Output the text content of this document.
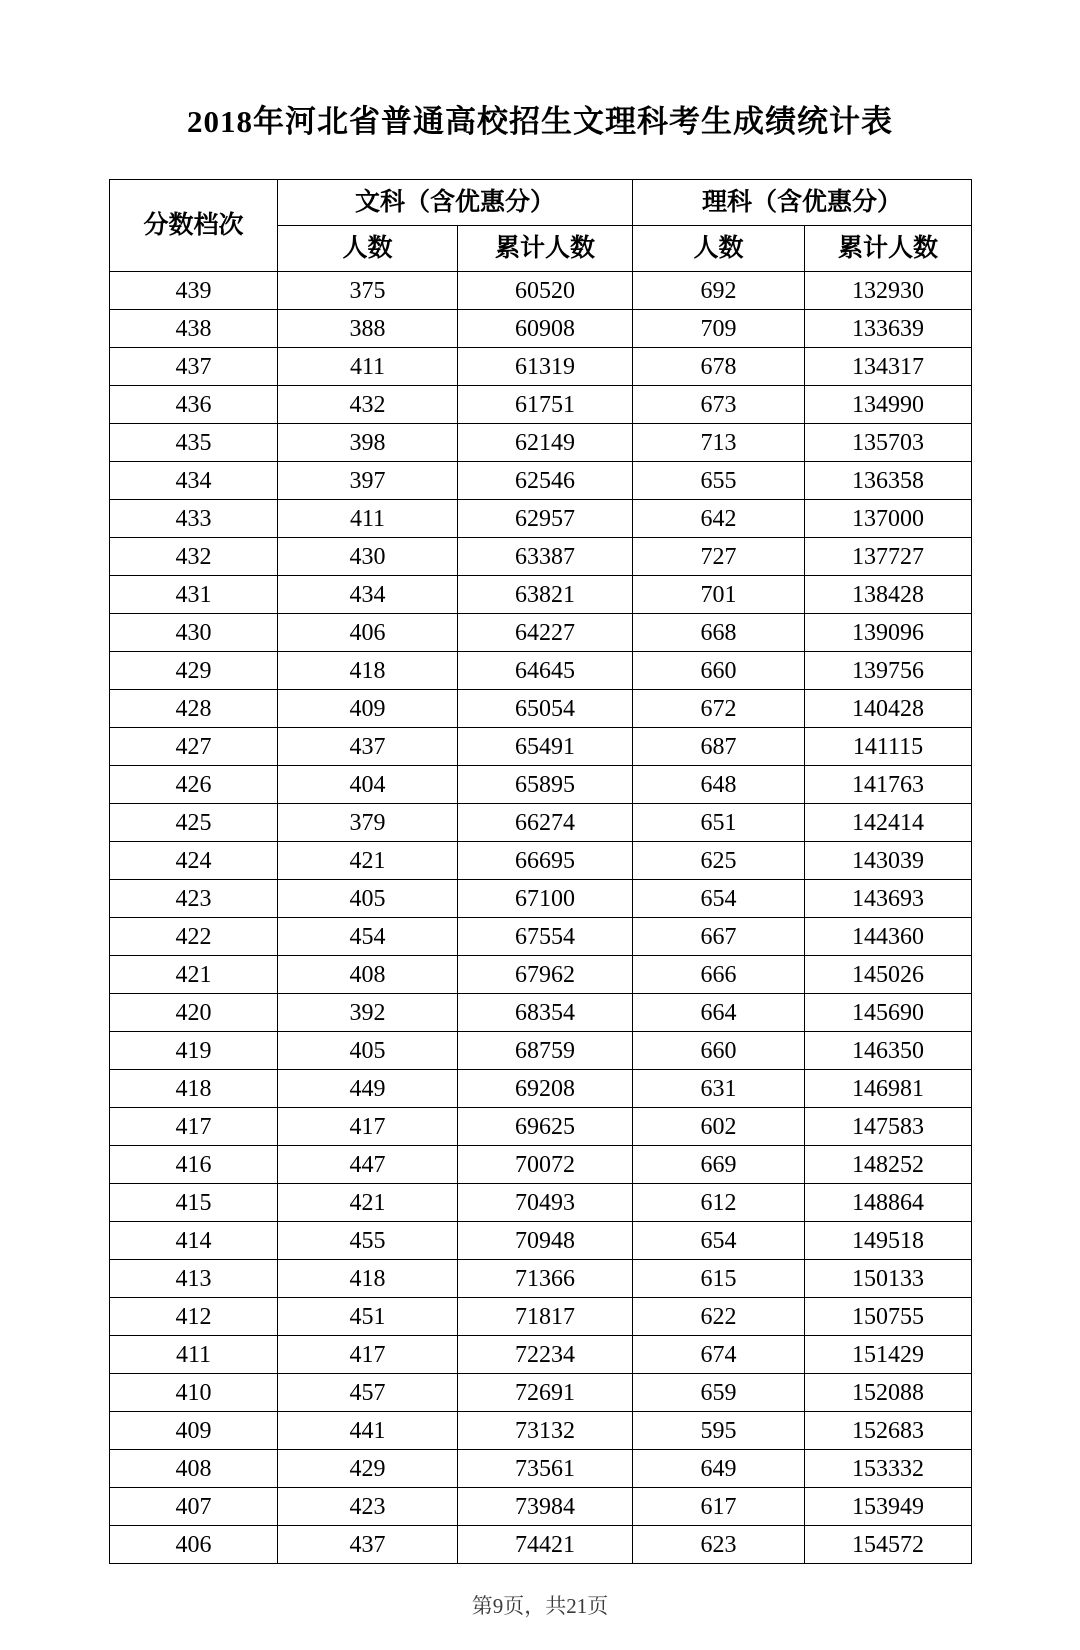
2018年河北省普通高校招生文理科考生成绩统计表
分数档次	文科（含优惠分）		理科（含优惠分）	
	人数	累计人数	人数	累计人数
439	375	60520	692	132930
438	388	60908	709	133639
437	411	61319	678	134317
436	432	61751	673	134990
435	398	62149	713	135703
434	397	62546	655	136358
433	411	62957	642	137000
432	430	63387	727	137727
431	434	63821	701	138428
430	406	64227	668	139096
429	418	64645	660	139756
428	409	65054	672	140428
427	437	65491	687	141115
426	404	65895	648	141763
425	379	66274	651	142414
424	421	66695	625	143039
423	405	67100	654	143693
422	454	67554	667	144360
421	408	67962	666	145026
420	392	68354	664	145690
419	405	68759	660	146350
418	449	69208	631	146981
417	417	69625	602	147583
416	447	70072	669	148252
415	421	70493	612	148864
414	455	70948	654	149518
413	418	71366	615	150133
412	451	71817	622	150755
411	417	72234	674	151429
410	457	72691	659	152088
409	441	73132	595	152683
408	429	73561	649	153332
407	423	73984	617	153949
406	437	74421	623	154572
第9页，共21页
